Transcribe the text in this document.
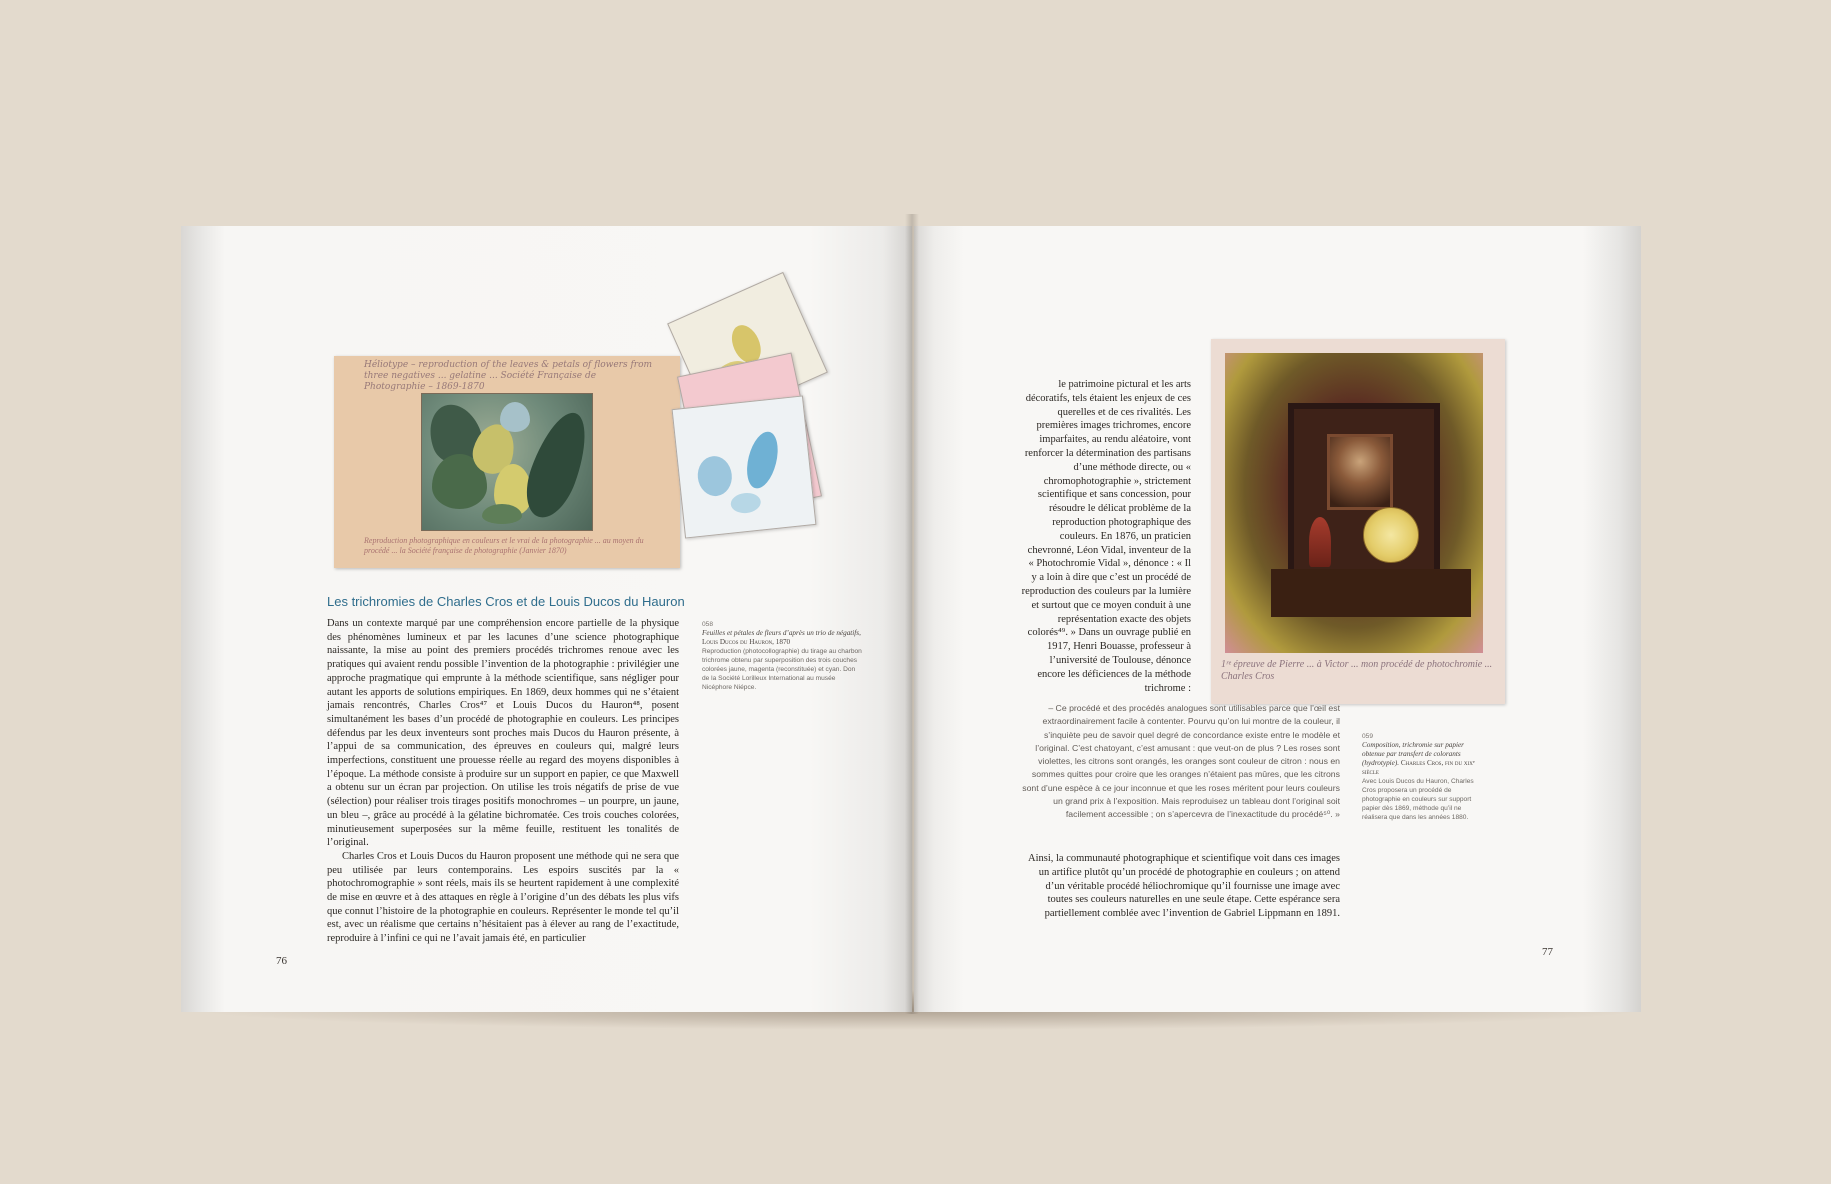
Héliotype – reproduction of the leaves & petals of flowers from three negatives ... gelatine ... Société Française de Photographie – 1869-1870
Reproduction photographique en couleurs et le vrai de la photographie ... au moyen du procédé ... la Société française de photographie (Janvier 1870)
Les trichromies de Charles Cros et de Louis Ducos du Hauron

Dans un contexte marqué par une compréhension encore partielle de la physique des phénomènes lumineux et par les lacunes d’une science photographique naissante, la mise au point des premiers procédés trichromes renoue avec les pratiques qui avaient rendu possible l’invention de la photographie : privilégier une approche pragmatique qui emprunte à la méthode scientifique, sans négliger pour autant les apports de solutions empiriques. En 1869, deux hommes qui ne s’étaient jamais rencontrés, Charles Cros⁴⁷ et Louis Ducos du Hauron⁴⁸, posent simultanément les bases d’un procédé de photographie en couleurs. Les principes défendus par les deux inventeurs sont proches mais Ducos du Hauron présente, à l’appui de sa communication, des épreuves en couleurs qui, malgré leurs imperfections, constituent une prouesse réelle au regard des moyens disponibles à l’époque. La méthode consiste à produire sur un support en papier, ce que Maxwell a obtenu sur un écran par projection. On utilise les trois négatifs de prise de vue (sélection) pour réaliser trois tirages positifs monochromes – un pourpre, un jaune, un bleu –, grâce au procédé à la gélatine bichromatée. Ces trois couches colorées, minutieusement superposées sur la même feuille, restituent les tonalités de l’original.

Charles Cros et Louis Ducos du Hauron proposent une méthode qui ne sera que peu utilisée par leurs contemporains. Les espoirs suscités par la « photochromographie » sont réels, mais ils se heurtent rapidement à une complexité de mise en œuvre et à des attaques en règle à l’origine d’un des débats les plus vifs que connut l’histoire de la photographie en couleurs. Représenter le monde tel qu’il est, avec un réalisme que certains n’hésitaient pas à élever au rang de l’exactitude, reproduire à l’infini ce qui ne l’avait jamais été, en particulier

058
Feuilles et pétales de fleurs d’après un trio de négatifs, Louis Ducos du Hauron, 1870
Reproduction (photocollographie) du tirage au charbon trichrome obtenu par superposition des trois couches colorées jaune, magenta (reconstituée) et cyan. Don de la Société Lorilleux International au musée Nicéphore Niépce.
76
1ʳᵉ épreuve de Pierre ... à Victor ... mon procédé de photochromie ... Charles Cros
le patrimoine pictural et les arts décoratifs, tels étaient les enjeux de ces querelles et de ces rivalités. Les premières images trichromes, encore imparfaites, au rendu aléatoire, vont renforcer la détermination des partisans d’une méthode directe, ou « chromophotographie », strictement scientifique et sans concession, pour résoudre le délicat problème de la reproduction photographique des couleurs. En 1876, un praticien chevronné, Léon Vidal, inventeur de la « Photochromie Vidal », dénonce : « Il y a loin à dire que c’est un procédé de reproduction des couleurs par la lumière et surtout que ce moyen conduit à une représentation exacte des objets colorés⁴⁹. » Dans un ouvrage publié en 1917, Henri Bouasse, professeur à l’université de Toulouse, dénonce encore les déficiences de la méthode trichrome :

– Ce procédé et des procédés analogues sont utilisables parce que l’œil est extraordinairement facile à contenter. Pourvu qu’on lui montre de la couleur, il s’inquiète peu de savoir quel degré de concordance existe entre le modèle et l’original. C’est chatoyant, c’est amusant : que veut-on de plus ? Les roses sont violettes, les citrons sont orangés, les oranges sont couleur de citron : nous en sommes quittes pour croire que les oranges n’étaient pas mûres, que les citrons sont d’une espèce à ce jour inconnue et que les roses méritent pour leurs couleurs un grand prix à l’exposition. Mais reproduisez un tableau dont l’original soit facilement accessible ; on s’apercevra de l’inexactitude du procédé⁵⁰. »

Ainsi, la communauté photographique et scientifique voit dans ces images un artifice plutôt qu’un procédé de photographie en couleurs ; on attend d’un véritable procédé héliochromique qu’il fournisse une image avec toutes ses couleurs naturelles en une seule étape. Cette espérance sera partiellement comblée avec l’invention de Gabriel Lippmann en 1891.

059
Composition, trichromie sur papier obtenue par transfert de colorants (hydrotypie). Charles Cros, fin du xixᵉ siècle
Avec Louis Ducos du Hauron, Charles Cros proposera un procédé de photographie en couleurs sur support papier dès 1869, méthode qu’il ne réalisera que dans les années 1880.
77
